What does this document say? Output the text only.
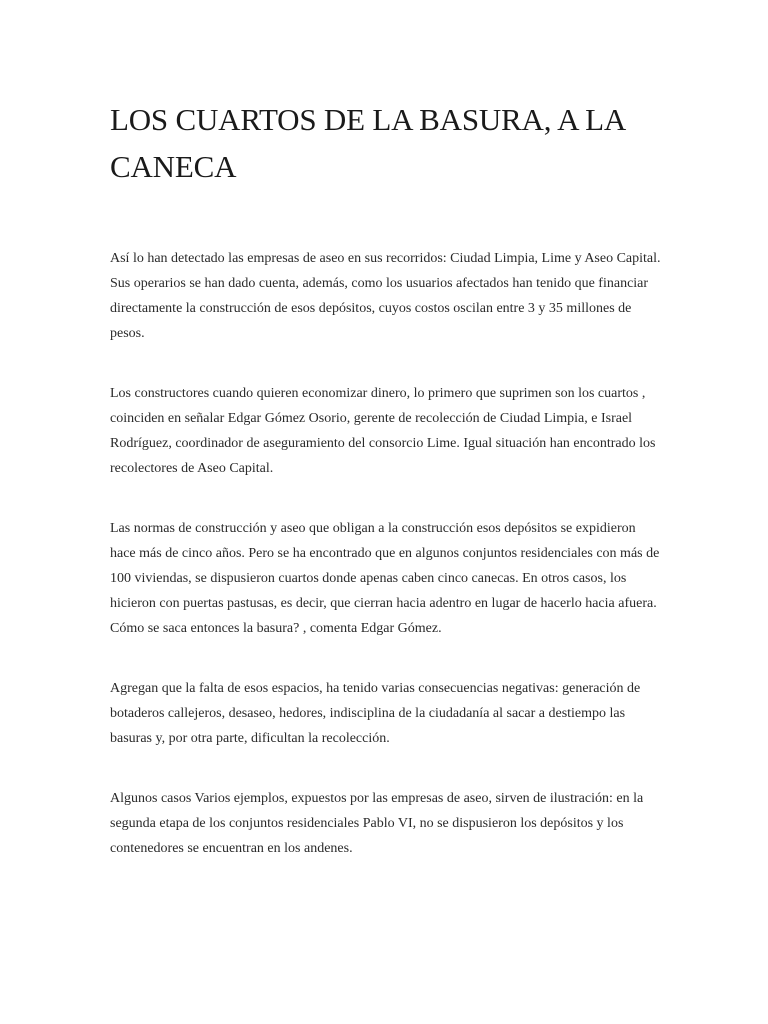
LOS CUARTOS DE LA BASURA, A LA CANECA

Así lo han detectado las empresas de aseo en sus recorridos: Ciudad Limpia, Lime y Aseo Capital. Sus operarios se han dado cuenta, además, como los usuarios afectados han tenido que financiar directamente la construcción de esos depósitos, cuyos costos oscilan entre 3 y 35 millones de pesos.

Los constructores cuando quieren economizar dinero, lo primero que suprimen son los cuartos , coinciden en señalar Edgar Gómez Osorio, gerente de recolección de Ciudad Limpia, e Israel Rodríguez, coordinador de aseguramiento del consorcio Lime. Igual situación han encontrado los recolectores de Aseo Capital.

Las normas de construcción y aseo que obligan a la construcción esos depósitos se expidieron hace más de cinco años. Pero se ha encontrado que en algunos conjuntos residenciales con más de 100 viviendas, se dispusieron cuartos donde apenas caben cinco canecas. En otros casos, los hicieron con puertas pastusas, es decir, que cierran hacia adentro en lugar de hacerlo hacia afuera. Cómo se saca entonces la basura? , comenta Edgar Gómez.

Agregan que la falta de esos espacios, ha tenido varias consecuencias negativas: generación de botaderos callejeros, desaseo, hedores, indisciplina de la ciudadanía al sacar a destiempo las basuras y, por otra parte, dificultan la recolección.

Algunos casos Varios ejemplos, expuestos por las empresas de aseo, sirven de ilustración: en la segunda etapa de los conjuntos residenciales Pablo VI, no se dispusieron los depósitos y los contenedores se encuentran en los andenes.
